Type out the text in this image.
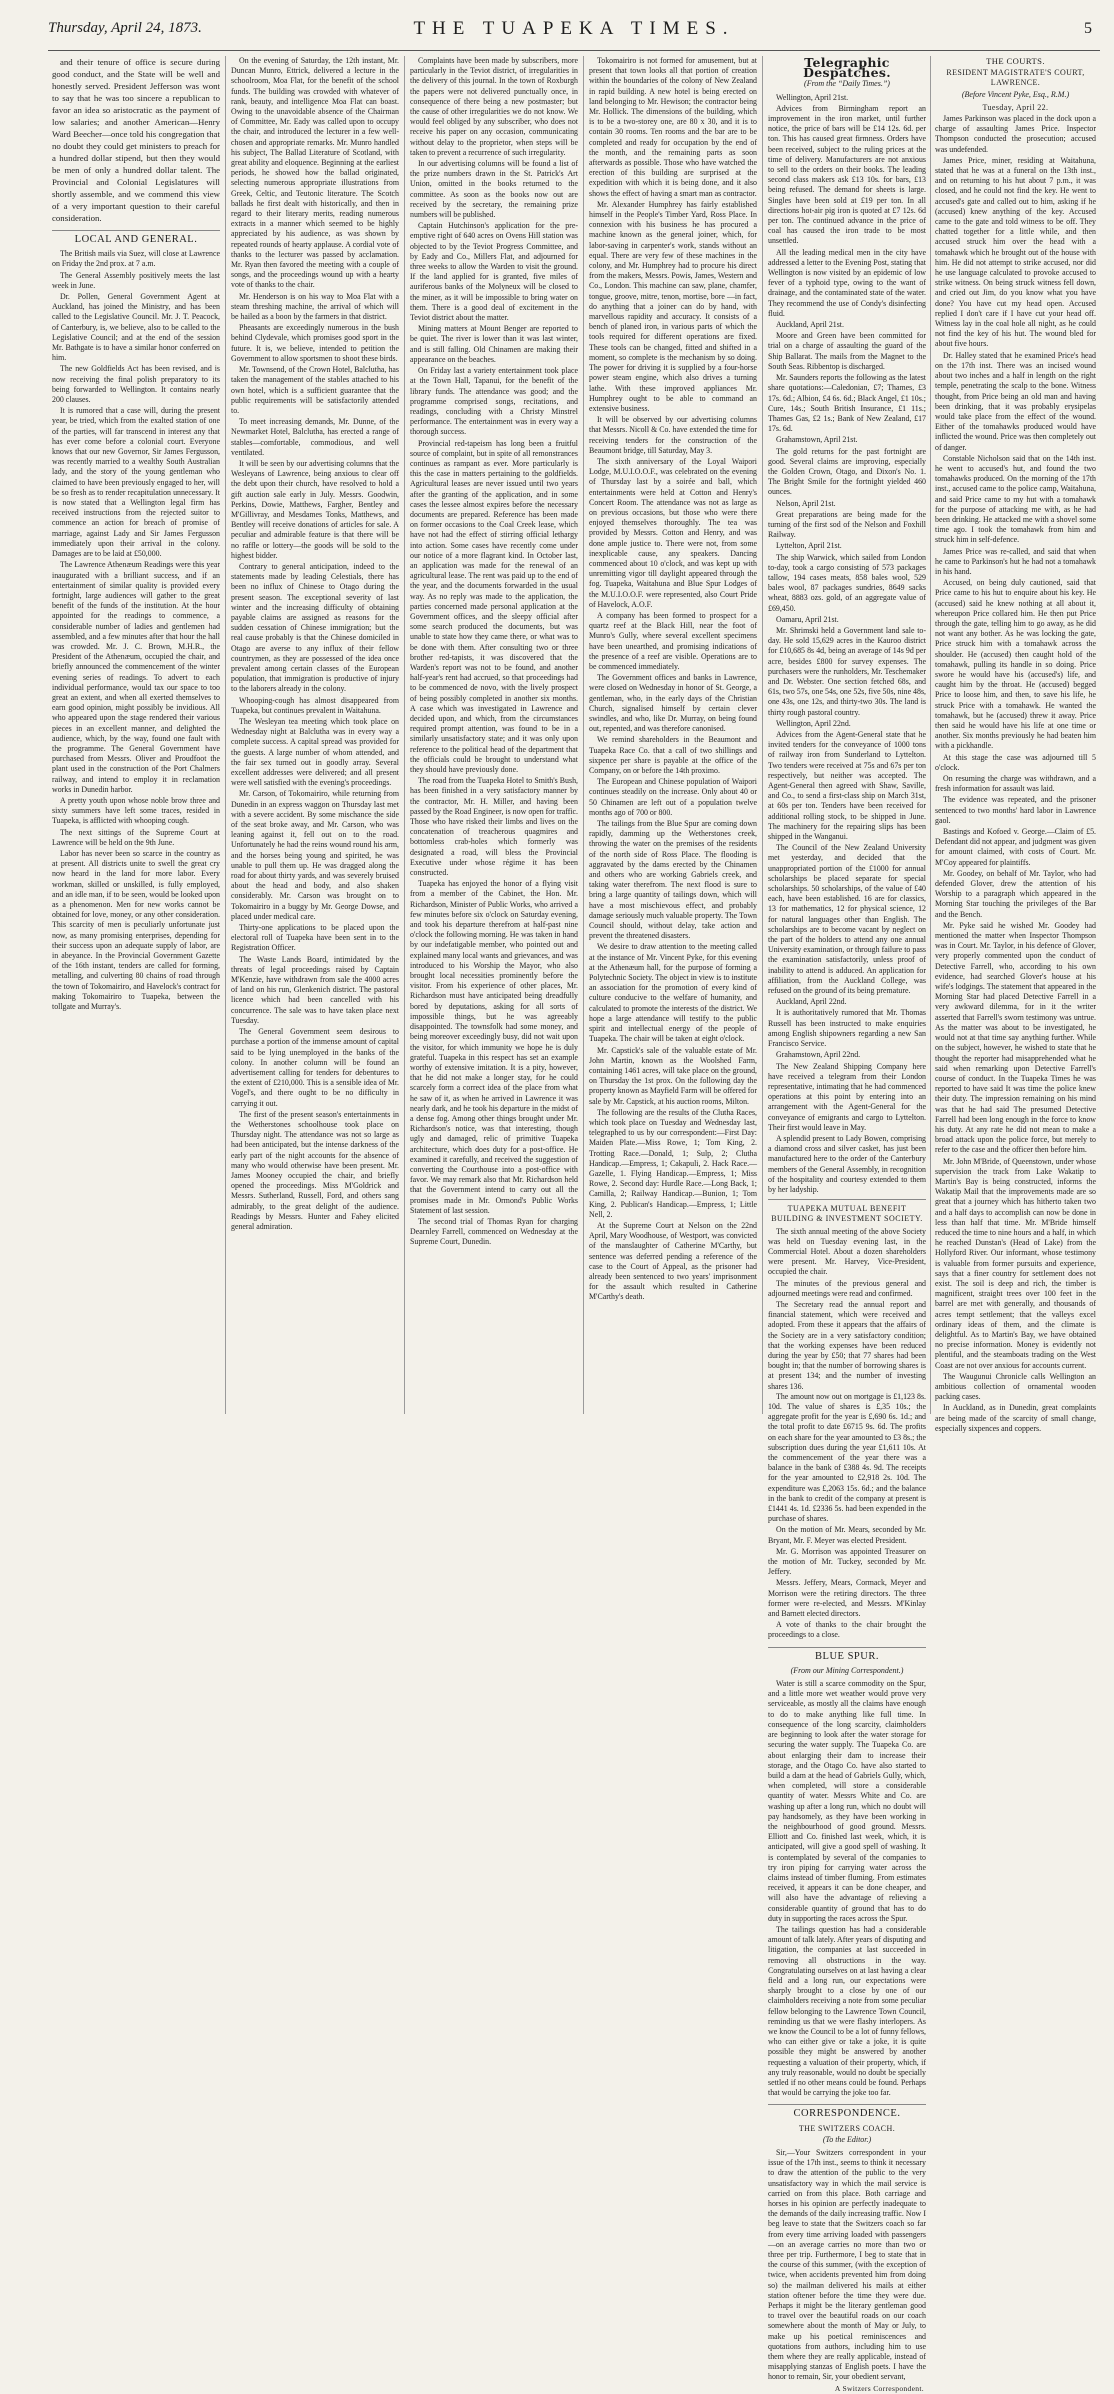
Thursday, April 24, 1873.	THE TUAPEKA TIMES.	5

and their tenure of office is secure during good conduct, and the State will be well and honestly served. President Jefferson was wont to say that he was too sincere a republican to favor an idea so aristocratic as the payment of low salaries; and another American—Henry Ward Beecher—once told his congregation that no doubt they could get ministers to preach for a hundred dollar stipend, but then they would be men of only a hundred dollar talent. The Provincial and Colonial Legislatures will shortly assemble, and we commend this view of a very important question to their careful consideration.

LOCAL AND GENERAL.

The British mails via Suez, will close at Lawrence on Friday the 2nd prox. at 7 a.m.

The General Assembly positively meets the last week in June.

Dr. Pollen, General Government Agent at Auckland, has joined the Ministry, and has been called to the Legislative Council. Mr. J. T. Peacock, of Canterbury, is, we believe, also to be called to the Legislative Council; and at the end of the session Mr. Bathgate is to have a similar honor conferred on him.

The new Goldfields Act has been revised, and is now receiving the final polish preparatory to its being forwarded to Wellington. It contains nearly 200 clauses.

It is rumored that a case will, during the present year, be tried, which from the exalted station of one of the parties, will far transcend in interest any that has ever come before a colonial court. Everyone knows that our new Governor, Sir James Fergusson, was recently married to a wealthy South Australian lady, and the story of the young gentleman who claimed to have been previously engaged to her, will be so fresh as to render recapitulation unnecessary. It is now stated that a Wellington legal firm has received instructions from the rejected suitor to commence an action for breach of promise of marriage, against Lady and Sir James Fergusson immediately upon their arrival in the colony. Damages are to be laid at £50,000.

The Lawrence Athenæum Readings were this year inaugurated with a brilliant success, and if an entertainment of similar quality is provided every fortnight, large audiences will gather to the great benefit of the funds of the institution. At the hour appointed for the readings to commence, a considerable number of ladies and gentlemen had assembled, and a few minutes after that hour the hall was crowded. Mr. J. C. Brown, M.H.R., the President of the Athenæum, occupied the chair, and briefly announced the commencement of the winter evening series of readings. To advert to each individual performance, would tax our space to too great an extent, and when all exerted themselves to earn good opinion, might possibly be invidious. All who appeared upon the stage rendered their various pieces in an excellent manner, and delighted the audience, which, by the way, found one fault with the programme. The General Government have purchased from Messrs. Oliver and Proudfoot the plant used in the construction of the Port Chalmers railway, and intend to employ it in reclamation works in Dunedin harbor.

A pretty youth upon whose noble brow three and sixty summers have left some traces, resided in Tuapeka, is afflicted with whooping cough.

The next sittings of the Supreme Court at Lawrence will be held on the 9th June.

Labor has never been so scarce in the country as at present. All districts unite to swell the great cry now heard in the land for more labor. Every workman, skilled or unskilled, is fully employed, and an idle man, if to be seen, would be looked upon as a phenomenon. Men for new works cannot be obtained for love, money, or any other consideration. This scarcity of men is peculiarly unfortunate just now, as many promising enterprises, depending for their success upon an adequate supply of labor, are in abeyance. In the Provincial Government Gazette of the 16th instant, tenders are called for forming, metalling, and culverting 80 chains of road through the town of Tokomairiro, and Havelock's contract for making Tokomairiro to Tuapeka, between the tollgate and Murray's.

On the evening of Saturday, the 12th instant, Mr. Duncan Munro, Ettrick, delivered a lecture in the schoolroom, Moa Flat, for the benefit of the school funds. The building was crowded with whatever of rank, beauty, and intelligence Moa Flat can boast. Owing to the unavoidable absence of the Chairman of Committee, Mr. Eady was called upon to occupy the chair, and introduced the lecturer in a few well-chosen and appropriate remarks. Mr. Munro handled his subject, The Ballad Literature of Scotland, with great ability and eloquence. Beginning at the earliest periods, he showed how the ballad originated, selecting numerous appropriate illustrations from Greek, Celtic, and Teutonic literature. The Scotch ballads he first dealt with historically, and then in regard to their literary merits, reading numerous extracts in a manner which seemed to be highly appreciated by his audience, as was shown by repeated rounds of hearty applause. A cordial vote of thanks to the lecturer was passed by acclamation. Mr. Ryan then favored the meeting with a couple of songs, and the proceedings wound up with a hearty vote of thanks to the chair.

Mr. Henderson is on his way to Moa Flat with a steam threshing machine, the arrival of which will be hailed as a boon by the farmers in that district.

Pheasants are exceedingly numerous in the bush behind Clydevale, which promises good sport in the future. It is, we believe, intended to petition the Government to allow sportsmen to shoot these birds.

Mr. Townsend, of the Crown Hotel, Balclutha, has taken the management of the stables attached to his own hotel, which is a sufficient guarantee that the public requirements will be satisfactorily attended to.

To meet increasing demands, Mr. Dunne, of the Newmarket Hotel, Balclutha, has erected a range of stables—comfortable, commodious, and well ventilated.

It will be seen by our advertising columns that the Wesleyans of Lawrence, being anxious to clear off the debt upon their church, have resolved to hold a gift auction sale early in July. Messrs. Goodwin, Perkins, Dowie, Matthews, Fargher, Bentley and M'Gillivray, and Mesdames Tonks, Matthews, and Bentley will receive donations of articles for sale. A peculiar and admirable feature is that there will be no raffle or lottery—the goods will be sold to the highest bidder.

Contrary to general anticipation, indeed to the statements made by leading Celestials, there has been no influx of Chinese to Otago during the present season. The exceptional severity of last winter and the increasing difficulty of obtaining payable claims are assigned as reasons for the sudden cessation of Chinese immigration; but the real cause probably is that the Chinese domiciled in Otago are averse to any influx of their fellow countrymen, as they are possessed of the idea once prevalent among certain classes of the European population, that immigration is productive of injury to the laborers already in the colony.

Whooping-cough has almost disappeared from Tuapeka, but continues prevalent in Waitahuna.

The Wesleyan tea meeting which took place on Wednesday night at Balclutha was in every way a complete success. A capital spread was provided for the guests. A large number of whom attended, and the fair sex turned out in goodly array. Several excellent addresses were delivered; and all present were well satisfied with the evening's proceedings.

Mr. Carson, of Tokomairiro, while returning from Dunedin in an express waggon on Thursday last met with a severe accident. By some mischance the side of the seat broke away, and Mr. Carson, who was leaning against it, fell out on to the road. Unfortunately he had the reins wound round his arm, and the horses being young and spirited, he was unable to pull them up. He was dragged along the road for about thirty yards, and was severely bruised about the head and body, and also shaken considerably. Mr. Carson was brought on to Tokomairiro in a buggy by Mr. George Dowse, and placed under medical care.

Thirty-one applications to be placed upon the electoral roll of Tuapeka have been sent in to the Registration Officer.

The Waste Lands Board, intimidated by the threats of legal proceedings raised by Captain M'Kenzie, have withdrawn from sale the 4000 acres of land on his run, Glenkenich district. The pastoral licence which had been cancelled with his concurrence. The sale was to have taken place next Tuesday.

The General Government seem desirous to purchase a portion of the immense amount of capital said to be lying unemployed in the banks of the colony. In another column will be found an advertisement calling for tenders for debentures to the extent of £210,000. This is a sensible idea of Mr. Vogel's, and there ought to be no difficulty in carrying it out.

The first of the present season's entertainments in the Wetherstones schoolhouse took place on Thursday night. The attendance was not so large as had been anticipated, but the intense darkness of the early part of the night accounts for the absence of many who would otherwise have been present. Mr. James Mooney occupied the chair, and briefly opened the proceedings. Miss M'Goldrick and Messrs. Sutherland, Russell, Ford, and others sang admirably, to the great delight of the audience. Readings by Messrs. Hunter and Fahey elicited general admiration.

Complaints have been made by subscribers, more particularly in the Teviot district, of irregularities in the delivery of this journal. In the town of Roxburgh the papers were not delivered punctually once, in consequence of there being a new postmaster; but the cause of other irregularities we do not know. We would feel obliged by any subscriber, who does not receive his paper on any occasion, communicating without delay to the proprietor, when steps will be taken to prevent a recurrence of such irregularity.

In our advertising columns will be found a list of the prize numbers drawn in the St. Patrick's Art Union, omitted in the books returned to the committee. As soon as the books now out are received by the secretary, the remaining prize numbers will be published.

Captain Hutchinson's application for the pre-emptive right of 640 acres on Ovens Hill station was objected to by the Teviot Progress Committee, and by Eady and Co., Millers Flat, and adjourned for three weeks to allow the Warden to visit the ground. If the land applied for is granted, five miles of auriferous banks of the Molyneux will be closed to the miner, as it will be impossible to bring water on them. There is a good deal of excitement in the Teviot district about the matter.

Mining matters at Mount Benger are reported to be quiet. The river is lower than it was last winter, and is still falling. Old Chinamen are making their appearance on the beaches.

On Friday last a variety entertainment took place at the Town Hall, Tapanui, for the benefit of the library funds. The attendance was good; and the programme comprised songs, recitations, and readings, concluding with a Christy Minstrel performance. The entertainment was in every way a thorough success.

Provincial red-tapeism has long been a fruitful source of complaint, but in spite of all remonstrances continues as rampant as ever. More particularly is this the case in matters pertaining to the goldfields. Agricultural leases are never issued until two years after the granting of the application, and in some cases the lessee almost expires before the necessary documents are prepared. Reference has been made on former occasions to the Coal Creek lease, which have not had the effect of stirring official lethargy into action. Some cases have recently come under our notice of a more flagrant kind. In October last, an application was made for the renewal of an agricultural lease. The rent was paid up to the end of the year, and the documents forwarded in the usual way. As no reply was made to the application, the parties concerned made personal application at the Government offices, and the sleepy official after some search produced the documents, but was unable to state how they came there, or what was to be done with them. After consulting two or three brother red-tapists, it was discovered that the Warden's report was not to be found, and another half-year's rent had accrued, so that proceedings had to be commenced de novo, with the lively prospect of being possibly completed in another six months. A case which was investigated in Lawrence and decided upon, and which, from the circumstances required prompt attention, was found to be in a similarly unsatisfactory state; and it was only upon reference to the political head of the department that the officials could be brought to understand what they should have previously done.

The road from the Tuapeka Hotel to Smith's Bush, has been finished in a very satisfactory manner by the contractor, Mr. H. Miller, and having been passed by the Road Engineer, is now open for traffic. Those who have risked their limbs and lives on the concatenation of treacherous quagmires and bottomless crab-holes which formerly was designated a road, will bless the Provincial Executive under whose régime it has been constructed.

Tuapeka has enjoyed the honor of a flying visit from a member of the Cabinet, the Hon. Mr. Richardson, Minister of Public Works, who arrived a few minutes before six o'clock on Saturday evening, and took his departure therefrom at half-past nine o'clock the following morning. He was taken in hand by our indefatigable member, who pointed out and explained many local wants and grievances, and was introduced to his Worship the Mayor, who also brought local necessities prominently before the visitor. From his experience of other places, Mr. Richardson must have anticipated being dreadfully bored by deputations, asking for all sorts of impossible things, but he was agreeably disappointed. The townsfolk had some money, and being moreover exceedingly busy, did not wait upon the visitor, for which immunity we hope he is duly grateful. Tuapeka in this respect has set an example worthy of extensive imitation. It is a pity, however, that he did not make a longer stay, for he could scarcely form a correct idea of the place from what he saw of it, as when he arrived in Lawrence it was nearly dark, and he took his departure in the midst of a dense fog. Among other things brought under Mr. Richardson's notice, was that interesting, though ugly and damaged, relic of primitive Tuapeka architecture, which does duty for a post-office. He examined it carefully, and received the suggestion of converting the Courthouse into a post-office with favor. We may remark also that Mr. Richardson held that the Government intend to carry out all the promises made in Mr. Ormond's Public Works Statement of last session.

The second trial of Thomas Ryan for charging Dearnley Farrell, commenced on Wednesday at the Supreme Court, Dunedin.

Tokomairiro is not formed for amusement, but at present that town looks all that portion of creation within the boundaries of the colony of New Zealand in rapid building. A new hotel is being erected on land belonging to Mr. Hewison; the contractor being Mr. Hollick. The dimensions of the building, which is to be a two-storey one, are 80 x 30, and it is to contain 30 rooms. Ten rooms and the bar are to be completed and ready for occupation by the end of the month, and the remaining parts as soon afterwards as possible. Those who have watched the erection of this building are surprised at the expedition with which it is being done, and it also shows the effect of having a smart man as contractor.

Mr. Alexander Humphrey has fairly established himself in the People's Timber Yard, Ross Place. In connexion with his business he has procured a machine known as the general joiner, which, for labor-saving in carpenter's work, stands without an equal. There are very few of these machines in the colony, and Mr. Humphrey had to procure his direct from the makers, Messrs. Powis, James, Western and Co., London. This machine can saw, plane, chamfer, tongue, groove, mitre, tenon, mortise, bore —in fact, do anything that a joiner can do by hand, with marvellous rapidity and accuracy. It consists of a bench of planed iron, in various parts of which the tools required for different operations are fixed. These tools can be changed, fitted and shifted in a moment, so complete is the mechanism by so doing. The power for driving it is supplied by a four-horse power steam engine, which also drives a turning lathe. With these improved appliances Mr. Humphrey ought to be able to command an extensive business.

It will be observed by our advertising columns that Messrs. Nicoll & Co. have extended the time for receiving tenders for the construction of the Beaumont bridge, till Saturday, May 3.

The sixth anniversary of the Loyal Waipori Lodge, M.U.I.O.O.F., was celebrated on the evening of Thursday last by a soirée and ball, which entertainments were held at Cotton and Henry's Concert Room. The attendance was not as large as on previous occasions, but those who were there enjoyed themselves thoroughly. The tea was provided by Messrs. Cotton and Henry, and was done ample justice to. There were not, from some inexplicable cause, any speakers. Dancing commenced about 10 o'clock, and was kept up with unremitting vigor till daylight appeared through the fog. Tuapeka, Waitahuna and Blue Spur Lodges of the M.U.I.O.O.F. were represented, also Court Pride of Havelock, A.O.F.

A company has been formed to prospect for a quartz reef at the Black Hill, near the foot of Munro's Gully, where several excellent specimens have been unearthed, and promising indications of the presence of a reef are visible. Operations are to be commenced immediately.

The Government offices and banks in Lawrence, were closed on Wednesday in honor of St. George, a gentleman, who, in the early days of the Christian Church, signalised himself by certain clever swindles, and who, like Dr. Murray, on being found out, repented, and was therefore canonised.

We remind shareholders in the Beaumont and Tuapeka Race Co. that a call of two shillings and sixpence per share is payable at the office of the Company, on or before the 14th proximo.

The European and Chinese population of Waipori continues steadily on the increase. Only about 40 or 50 Chinamen are left out of a population twelve months ago of 700 or 800.

The tailings from the Blue Spur are coming down rapidly, damming up the Wetherstones creek, throwing the water on the premises of the residents of the north side of Ross Place. The flooding is aggravated by the dams erected by the Chinamen and others who are working Gabriels creek, and taking water therefrom. The next flood is sure to bring a large quantity of tailings down, which will have a most mischievous effect, and probably damage seriously much valuable property. The Town Council should, without delay, take action and prevent the threatened disasters.

We desire to draw attention to the meeting called at the instance of Mr. Vincent Pyke, for this evening at the Athenæum hall, for the purpose of forming a Polytechnic Society. The object in view is to institute an association for the promotion of every kind of culture conducive to the welfare of humanity, and calculated to promote the interests of the district. We hope a large attendance will testify to the public spirit and intellectual energy of the people of Tuapeka. The chair will be taken at eight o'clock.

Mr. Capstick's sale of the valuable estate of Mr. John Martin, known as the Woolshed Farm, containing 1461 acres, will take place on the ground, on Thursday the 1st prox. On the following day the property known as Mayfield Farm will be offered for sale by Mr. Capstick, at his auction rooms, Milton.

The following are the results of the Clutha Races, which took place on Tuesday and Wednesday last, telegraphed to us by our correspondent:—First Day: Maiden Plate.—Miss Rowe, 1; Tom King, 2. Trotting Race.—Donald, 1; Sulp, 2; Clutha Handicap.—Empress, 1; Cakapuli, 2. Hack Race.—Gazelle, 1. Flying Handicap.—Empress, 1; Miss Rowe, 2. Second day: Hurdle Race.—Long Back, 1; Camilla, 2; Railway Handicap.—Bunion, 1; Tom King, 2. Publican's Handicap.—Empress, 1; Little Nell, 2.

At the Supreme Court at Nelson on the 22nd April, Mary Woodhouse, of Westport, was convicted of the manslaughter of Catherine M'Carthy, but sentence was deferred pending a reference of the case to the Court of Appeal, as the prisoner had already been sentenced to two years' imprisonment for the assault which resulted in Catherine M'Carthy's death.

Telegraphic Despatches.
(From the “Daily Times.”)

Wellington, April 21st.

Advices from Birmingham report an improvement in the iron market, until further notice, the price of bars will be £14 12s. 6d. per ton. This has caused great firmness. Orders have been received, subject to the ruling prices at the time of delivery. Manufacturers are not anxious to sell to the orders on their books. The leading second class makers ask £13 10s. for bars, £13 being refused. The demand for sheets is large. Singles have been sold at £19 per ton. In all directions hot-air pig iron is quoted at £7 12s. 6d per ton. The continued advance in the price of coal has caused the iron trade to be most unsettled.

All the leading medical men in the city have addressed a letter to the Evening Post, stating that Wellington is now visited by an epidemic of low fever of a typhoid type, owing to the want of drainage, and the contaminated state of the water. They recommend the use of Condy's disinfecting fluid.

Auckland, April 21st.

Moore and Green have been committed for trial on a charge of assaulting the guard of the Ship Ballarat. The mails from the Magnet to the South Seas. Ribbentop is discharged.

Mr. Saunders reports the following as the latest share quotations:—Caledonian, £7; Thames, £3 17s. 6d.; Albion, £4 6s. 6d.; Black Angel, £1 10s.; Cure, 14s.; South British Insurance, £1 11s.; Thames Gas, £2 1s.; Bank of New Zealand, £17 17s. 6d.

Grahamstown, April 21st.

The gold returns for the past fortnight are good. Several claims are improving, especially the Golden Crown, Otago, and Dixon's No. 1. The Bright Smile for the fortnight yielded 460 ounces.

Nelson, April 21st.

Great preparations are being made for the turning of the first sod of the Nelson and Foxhill Railway.

Lyttelton, April 21st.

The ship Warwick, which sailed from London to-day, took a cargo consisting of 573 packages tallow, 194 cases meats, 858 bales wool, 529 bales wool, 87 packages sundries, 8649 sacks wheat, 8883 ozs. gold, of an aggregate value of £69,450.

Oamaru, April 21st.

Mr. Shrimski held a Government land sale to-day. He sold 15,629 acres in the Kauroo district for £10,685 8s 4d, being an average of 14s 9d per acre, besides £800 for survey expenses. The purchasers were the runholders, Mr. Teschemaker and Dr. Webster. One section fetched 68s, and 61s, two 57s, one 54s, one 52s, five 50s, nine 48s, one 43s, one 12s, and thirty-two 30s. The land is thirty rough pastoral country.

Wellington, April 22nd.

Advices from the Agent-General state that he invited tenders for the conveyance of 1000 tons of railway iron from Sunderland to Lyttelton. Two tenders were received at 75s and 67s per ton respectively, but neither was accepted. The Agent-General then agreed with Shaw, Saville, and Co., to send a first-class ship on March 31st, at 60s per ton. Tenders have been received for additional rolling stock, to be shipped in June. The machinery for the repairing slips has been shipped in the Wanganui.

The Council of the New Zealand University met yesterday, and decided that the unappropriated portion of the £1000 for annual scholarships be placed separate for special scholarships. 50 scholarships, of the value of £40 each, have been established. 16 are for classics, 13 for mathematics, 12 for physical science, 12 for natural languages other than English. The scholarships are to become vacant by neglect on the part of the holders to attend any one annual University examination, or through failure to pass the examination satisfactorily, unless proof of inability to attend is adduced. An application for affiliation, from the Auckland College, was refused on the ground of its being premature.

Auckland, April 22nd.

It is authoritatively rumored that Mr. Thomas Russell has been instructed to make enquiries among English shipowners regarding a new San Francisco Service.

Grahamstown, April 22nd.

The New Zealand Shipping Company here have received a telegram from their London representative, intimating that he had commenced operations at this point by entering into an arrangement with the Agent-General for the conveyance of emigrants and cargo to Lyttelton. Their first would leave in May.

A splendid present to Lady Bowen, comprising a diamond cross and silver casket, has just been manufactured here to the order of the Canterbury members of the General Assembly, in recognition of the hospitality and courtesy extended to them by her ladyship.

TUAPEKA MUTUAL BENEFIT BUILDING & INVESTMENT SOCIETY.

The sixth annual meeting of the above Society was held on Tuesday evening last, in the Commercial Hotel. About a dozen shareholders were present. Mr. Harvey, Vice-President, occupied the chair.

The minutes of the previous general and adjourned meetings were read and confirmed.

The Secretary read the annual report and financial statement, which were received and adopted. From these it appears that the affairs of the Society are in a very satisfactory condition; that the working expenses have been reduced during the year by £50; that 77 shares had been bought in; that the number of borrowing shares is at present 134; and the number of investing shares 136.

The amount now out on mortgage is £1,123 8s. 10d. The value of shares is £,35 10s.; the aggregate profit for the year is £,690 6s. 1d.; and the total profit to date £6715 9s. 6d. The profits on each share for the year amounted to £3 8s.; the subscription dues during the year £1,611 10s. At the commencement of the year there was a balance in the bank of £388 4s. 9d. The receipts for the year amounted to £2,918 2s. 10d. The expenditure was £,2063 15s. 6d.; and the balance in the bank to credit of the company at present is £1441 4s. 1d. £2336 5s. had been expended in the purchase of shares.

On the motion of Mr. Mears, seconded by Mr. Bryant, Mr. F. Meyer was elected President.

Mr. G. Morrison was appointed Treasurer on the motion of Mr. Tuckey, seconded by Mr. Jeffery.

Messrs. Jeffery, Mears, Cormack, Meyer and Morrison were the retiring directors. The three former were re-elected, and Messrs. M'Kinlay and Barnett elected directors.

A vote of thanks to the chair brought the proceedings to a close.

BLUE SPUR.
(From our Mining Correspondent.)

Water is still a scarce commodity on the Spur, and a little more wet weather would prove very serviceable, as mostly all the claims have enough to do to make anything like full time. In consequence of the long scarcity, claimholders are beginning to look after the water storage for securing the water supply. The Tuapeka Co. are about enlarging their dam to increase their storage, and the Otago Co. have also started to build a dam at the head of Gabriels Gully, which, when completed, will store a considerable quantity of water. Messrs White and Co. are washing up after a long run, which no doubt will pay handsomely, as they have been working in the neighbourhood of good ground. Messrs. Elliott and Co. finished last week, which, it is anticipated, will give a good spell of washing. It is contemplated by several of the companies to try iron piping for carrying water across the claims instead of timber fluming. From estimates received, it appears it can be done cheaper, and will also have the advantage of relieving a considerable quantity of ground that has to do duty in supporting the races across the Spur.

The tailings question has had a considerable amount of talk lately. After years of disputing and litigation, the companies at last succeeded in removing all obstructions in the way. Congratulating ourselves on at last having a clear field and a long run, our expectations were sharply brought to a close by one of our claimholders receiving a note from some peculiar fellow belonging to the Lawrence Town Council, reminding us that we were flashy interlopers. As we know the Council to be a lot of funny fellows, who can either give or take a joke, it is quite possible they might be answered by another requesting a valuation of their property, which, if any truly reasonable, would no doubt be specially settled if no other means could be found. Perhaps that would be carrying the joke too far.

CORRESPONDENCE.
THE SWITZERS COACH.
(To the Editor.)

Sir,—Your Switzers correspondent in your issue of the 17th inst., seems to think it necessary to draw the attention of the public to the very unsatisfactory way in which the mail service is carried on from this place. Both carriage and horses in his opinion are perfectly inadequate to the demands of the daily increasing traffic. Now I beg leave to state that the Switzers coach so far from every time arriving loaded with passengers—on an average carries no more than two or three per trip. Furthermore, I beg to state that in the course of this summer, (with the exception of twice, when accidents prevented him from doing so) the mailman delivered his mails at either station oftener before the time they were due. Perhaps it might be the literary gentleman good to travel over the beautiful roads on our coach somewhere about the month of May or July, to make up his poetical reminiscences and quotations from authors, including him to use them where they are really applicable, instead of misapplying stanzas of English poets. I have the honor to remain, Sir, your obedient servant,

A Switzers Correspondent.
THE COURTS.
RESIDENT MAGISTRATE'S COURT, LAWRENCE.
(Before Vincent Pyke, Esq., R.M.)
Tuesday, April 22.

James Parkinson was placed in the dock upon a charge of assaulting James Price. Inspector Thompson conducted the prosecution; accused was undefended.

James Price, miner, residing at Waitahuna, stated that he was at a funeral on the 13th inst., and on returning to his hut about 7 p.m., it was closed, and he could not find the key. He went to accused's gate and called out to him, asking if he (accused) knew anything of the key. Accused came to the gate and told witness to be off. They chatted together for a little while, and then accused struck him over the head with a tomahawk which he brought out of the house with him. He did not attempt to strike accused, nor did he use language calculated to provoke accused to strike witness. On being struck witness fell down, and cried out Jim, do you know what you have done? You have cut my head open. Accused replied I don't care if I have cut your head off. Witness lay in the coal hole all night, as he could not find the key of his hut. The wound bled for about five hours.

Dr. Halley stated that he examined Price's head on the 17th inst. There was an incised wound about two inches and a half in length on the right temple, penetrating the scalp to the bone. Witness thought, from Price being an old man and having been drinking, that it was probably erysipelas would take place from the effect of the wound. Either of the tomahawks produced would have inflicted the wound. Price was then completely out of danger.

Constable Nicholson said that on the 14th inst. he went to accused's hut, and found the two tomahawks produced. On the morning of the 17th inst., accused came to the police camp, Waitahuna, and said Price came to my hut with a tomahawk for the purpose of attacking me with, as he had been drinking. He attacked me with a shovel some time ago. I took the tomahawk from him and struck him in self-defence.

James Price was re-called, and said that when he came to Parkinson's hut he had not a tomahawk in his hand.

Accused, on being duly cautioned, said that Price came to his hut to enquire about his key. He (accused) said he knew nothing at all about it, whereupon Price collared him. He then put Price through the gate, telling him to go away, as he did not want any bother. As he was locking the gate, Price struck him with a tomahawk across the shoulder. He (accused) then caught hold of the tomahawk, pulling its handle in so doing. Price swore he would have his (accused's) life, and caught him by the throat. He (accused) begged Price to loose him, and then, to save his life, he struck Price with a tomahawk. He wanted the tomahawk, but he (accused) threw it away. Price then said he would have his life at one time or another. Six months previously he had beaten him with a pickhandle.

At this stage the case was adjourned till 5 o'clock.

On resuming the charge was withdrawn, and a fresh information for assault was laid.

The evidence was repeated, and the prisoner sentenced to two months' hard labor in Lawrence gaol.

Bastings and Kofoed v. George.—Claim of £5. Defendant did not appear, and judgment was given for amount claimed, with costs of Court. Mr. M'Coy appeared for plaintiffs.

Mr. Goodey, on behalf of Mr. Taylor, who had defended Glover, drew the attention of his Worship to a paragraph which appeared in the Morning Star touching the privileges of the Bar and the Bench.

Mr. Pyke said he wished Mr. Goodey had mentioned the matter when Inspector Thompson was in Court. Mr. Taylor, in his defence of Glover, very properly commented upon the conduct of Detective Farrell, who, according to his own evidence, had searched Glover's house at his wife's lodgings. The statement that appeared in the Morning Star had placed Detective Farrell in a very awkward dilemma, for in it the writer asserted that Farrell's sworn testimony was untrue. As the matter was about to be investigated, he would not at that time say anything further. While on the subject, however, he wished to state that he thought the reporter had misapprehended what he said when remarking upon Detective Farrell's course of conduct. In the Tuapeka Times he was reported to have said It was time the police knew their duty. The impression remaining on his mind was that he had said The presumed Detective Farrell had been long enough in the force to know his duty. At any rate he did not mean to make a broad attack upon the police force, but merely to refer to the case and the officer then before him.

Mr. John M'Bride, of Queenstown, under whose supervision the track from Lake Wakatip to Martin's Bay is being constructed, informs the Wakatip Mail that the improvements made are so great that a journey which has hitherto taken two and a half days to accomplish can now be done in less than half that time. Mr. M'Bride himself reduced the time to nine hours and a half, in which he reached Dunstan's (Head of Lake) from the Hollyford River. Our informant, whose testimony is valuable from former pursuits and experience, says that a finer country for settlement does not exist. The soil is deep and rich, the timber is magnificent, straight trees over 100 feet in the barrel are met with generally, and thousands of acres tempt settlement; that the valleys excel ordinary ideas of them, and the climate is delightful. As to Martin's Bay, we have obtained no precise information. Money is evidently not plentiful, and the steamboats trading on the West Coast are not over anxious for accounts current.

The Waugunui Chronicle calls Wellington an ambitious collection of ornamental wooden packing cases.

In Auckland, as in Dunedin, great complaints are being made of the scarcity of small change, especially sixpences and coppers.
